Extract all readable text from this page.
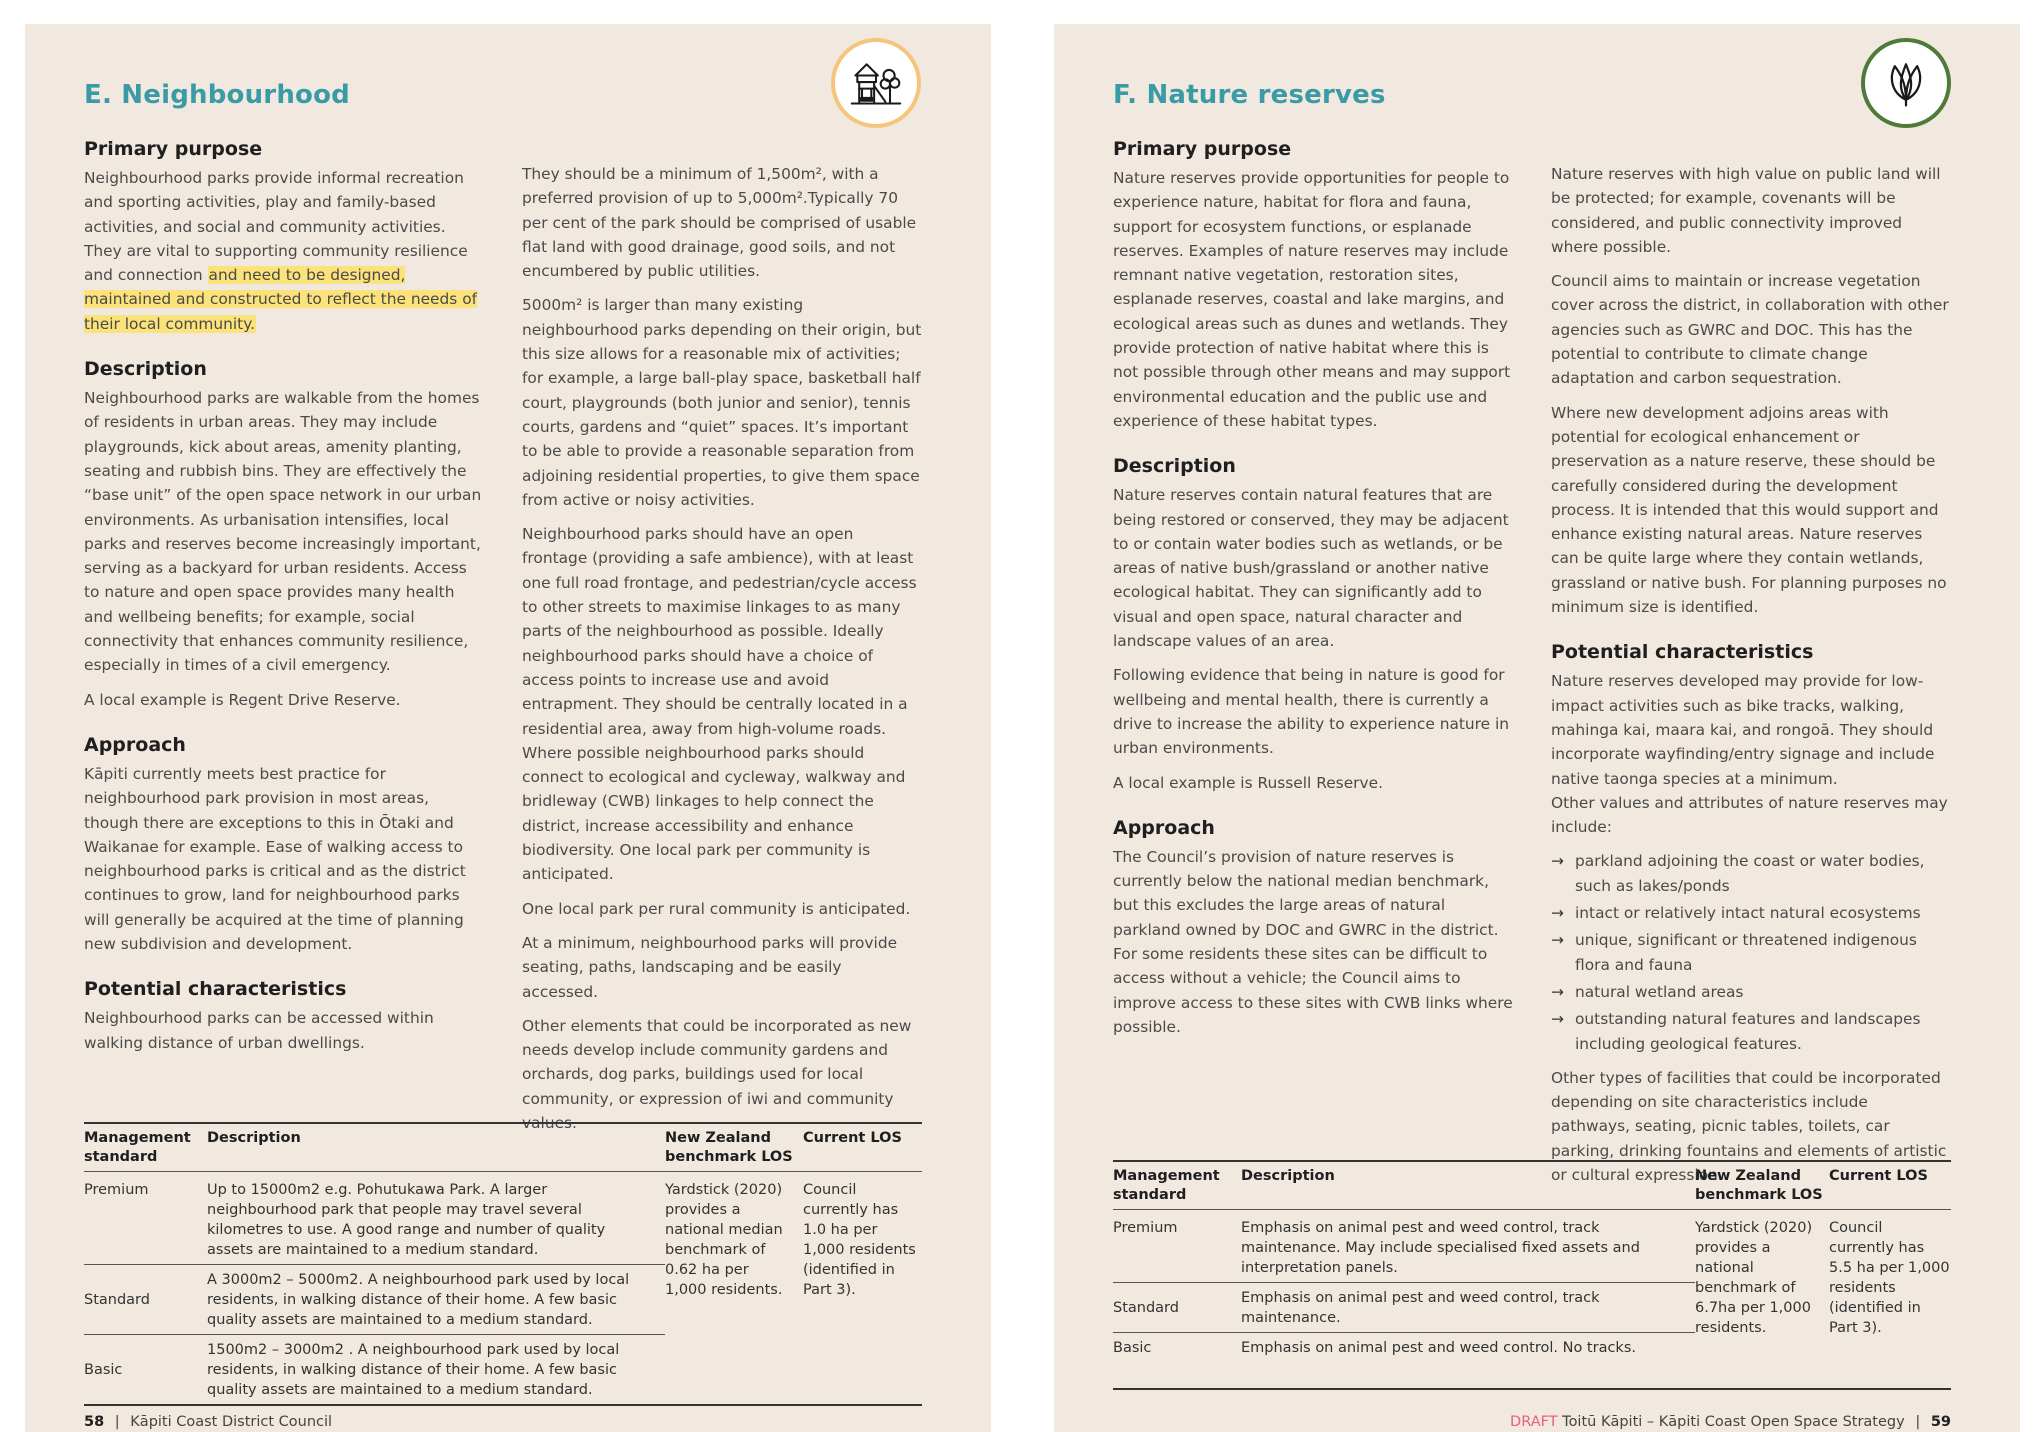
E. Neighbourhood
Primary purpose

Neighbourhood parks provide informal recreation and sporting activities, play and family-based activities, and social and community activities. They are vital to supporting community resilience and connection and need to be designed, maintained and constructed to reflect the needs of their local community.

Description

Neighbourhood parks are walkable from the homes of residents in urban areas. They may include playgrounds, kick about areas, amenity planting, seating and rubbish bins. They are effectively the “base unit” of the open space network in our urban environments. As urbanisation intensifies, local parks and reserves become increasingly important, serving as a backyard for urban residents. Access to nature and open space provides many health and wellbeing benefits; for example, social connectivity that enhances community resilience, especially in times of a civil emergency.

A local example is Regent Drive Reserve.

Approach

Kāpiti currently meets best practice for neighbourhood park provision in most areas, though there are exceptions to this in Ōtaki and Waikanae for example. Ease of walking access to neighbourhood parks is critical and as the district continues to grow, land for neighbourhood parks will generally be acquired at the time of planning new subdivision and development.

Potential characteristics

Neighbourhood parks can be accessed within walking distance of urban dwellings.

They should be a minimum of 1,500m², with a preferred provision of up to 5,000m².Typically 70 per cent of the park should be comprised of usable flat land with good drainage, good soils, and not encumbered by public utilities.

5000m² is larger than many existing neighbourhood parks depending on their origin, but this size allows for a reasonable mix of activities; for example, a large ball-play space, basketball half court, playgrounds (both junior and senior), tennis courts, gardens and “quiet” spaces. It’s important to be able to provide a reasonable separation from adjoining residential properties, to give them space from active or noisy activities.

Neighbourhood parks should have an open frontage (providing a safe ambience), with at least one full road frontage, and pedestrian/cycle access to other streets to maximise linkages to as many parts of the neighbourhood as possible. Ideally neighbourhood parks should have a choice of access points to increase use and avoid entrapment. They should be centrally located in a residential area, away from high-volume roads. Where possible neighbourhood parks should connect to ecological and cycleway, walkway and bridleway (CWB) linkages to help connect the district, increase accessibility and enhance biodiversity. One local park per community is anticipated.

One local park per rural community is anticipated.

At a minimum, neighbourhood parks will provide seating, paths, landscaping and be easily accessed.

Other elements that could be incorporated as new needs develop include community gardens and orchards, dog parks, buildings used for local community, or expression of iwi and community values.

Management standard	Description	New Zealand benchmark LOS	Current LOS
Premium	Up to 15000m2 e.g. Pohutukawa Park. A larger neighbourhood park that people may travel several kilometres to use. A good range and number of quality assets are maintained to a medium standard.	Yardstick (2020) provides a national median benchmark of 0.62 ha per 1,000 residents.	Council currently has 1.0 ha per 1,000 residents (identified in Part 3).
Standard	A 3000m2 – 5000m2. A neighbourhood park used by local residents, in walking distance of their home. A few basic quality assets are maintained to a medium standard.		
Basic	1500m2 – 3000m2 . A neighbourhood park used by local residents, in walking distance of their home. A few basic quality assets are maintained to a medium standard.		
58 | Kāpiti Coast District Council
F. Nature reserves
Primary purpose

Nature reserves provide opportunities for people to experience nature, habitat for flora and fauna, support for ecosystem functions, or esplanade reserves. Examples of nature reserves may include remnant native vegetation, restoration sites, esplanade reserves, coastal and lake margins, and ecological areas such as dunes and wetlands. They provide protection of native habitat where this is not possible through other means and may support environmental education and the public use and experience of these habitat types.

Description

Nature reserves contain natural features that are being restored or conserved, they may be adjacent to or contain water bodies such as wetlands, or be areas of native bush/grassland or another native ecological habitat. They can significantly add to visual and open space, natural character and landscape values of an area.

Following evidence that being in nature is good for wellbeing and mental health, there is currently a drive to increase the ability to experience nature in urban environments.

A local example is Russell Reserve.

Approach

The Council’s provision of nature reserves is currently below the national median benchmark, but this excludes the large areas of natural parkland owned by DOC and GWRC in the district. For some residents these sites can be difficult to access without a vehicle; the Council aims to improve access to these sites with CWB links where possible.

Nature reserves with high value on public land will be protected; for example, covenants will be considered, and public connectivity improved where possible.

Council aims to maintain or increase vegetation cover across the district, in collaboration with other agencies such as GWRC and DOC. This has the potential to contribute to climate change adaptation and carbon sequestration.

Where new development adjoins areas with potential for ecological enhancement or preservation as a nature reserve, these should be carefully considered during the development process. It is intended that this would support and enhance existing natural areas. Nature reserves can be quite large where they contain wetlands, grassland or native bush. For planning purposes no minimum size is identified.

Potential characteristics

Nature reserves developed may provide for low-impact activities such as bike tracks, walking, mahinga kai, maara kai, and rongoā. They should incorporate wayfinding/entry signage and include native taonga species at a minimum.

Other values and attributes of nature reserves may include:

→ parkland adjoining the coast or water bodies, such as lakes/ponds
→ intact or relatively intact natural ecosystems
→ unique, significant or threatened indigenous flora and fauna
→ natural wetland areas
→ outstanding natural features and landscapes including geological features.

Other types of facilities that could be incorporated depending on site characteristics include pathways, seating, picnic tables, toilets, car parking, drinking fountains and elements of artistic or cultural expression.

Management standard	Description	New Zealand benchmark LOS	Current LOS
Premium	Emphasis on animal pest and weed control, track maintenance. May include specialised fixed assets and interpretation panels.	Yardstick (2020) provides a national benchmark of 6.7ha per 1,000 residents.	Council currently has 5.5 ha per 1,000 residents (identified in Part 3).
Standard	Emphasis on animal pest and weed control, track maintenance.		
Basic	Emphasis on animal pest and weed control. No tracks.		
DRAFT Toitū Kāpiti – Kāpiti Coast Open Space Strategy | 59
